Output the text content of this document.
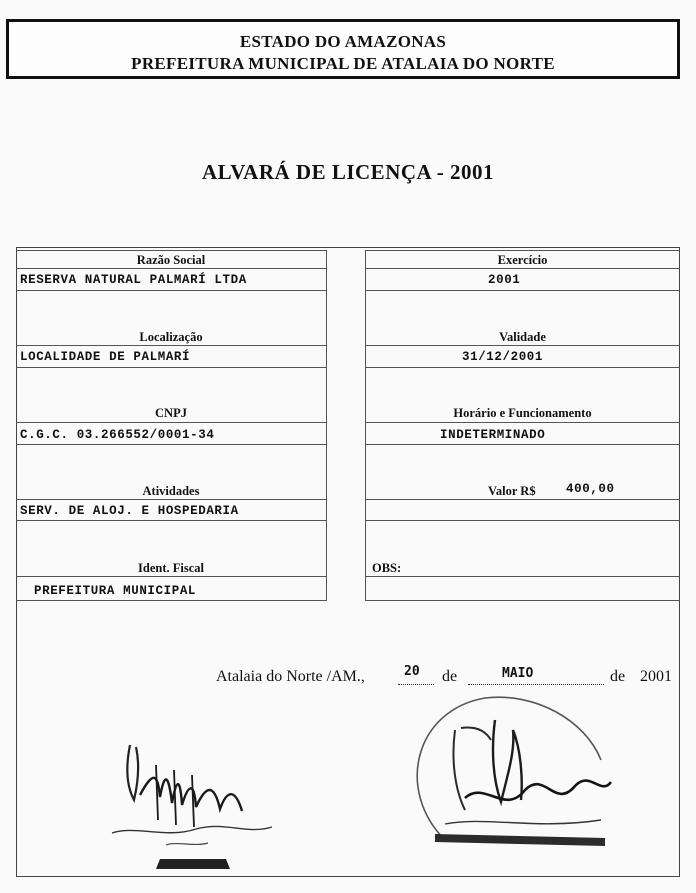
ESTADO DO AMAZONAS
PREFEITURA MUNICIPAL DE ATALAIA DO NORTE
ALVARÁ DE LICENÇA - 2001
Razão Social
RESERVA NATURAL PALMARÍ LTDA
Localização
LOCALIDADE DE PALMARÍ
CNPJ
C.G.C. 03.266552/0001-34
Atividades
SERV. DE ALOJ. E HOSPEDARIA
Ident. Fiscal
PREFEITURA MUNICIPAL
Exercício
2001
Validade
31/12/2001
Horário e Funcionamento
INDETERMINADO
Valor R$ 400,00
OBS:
Atalaia do Norte /AM.,	20 de	MAIO	de 2001
